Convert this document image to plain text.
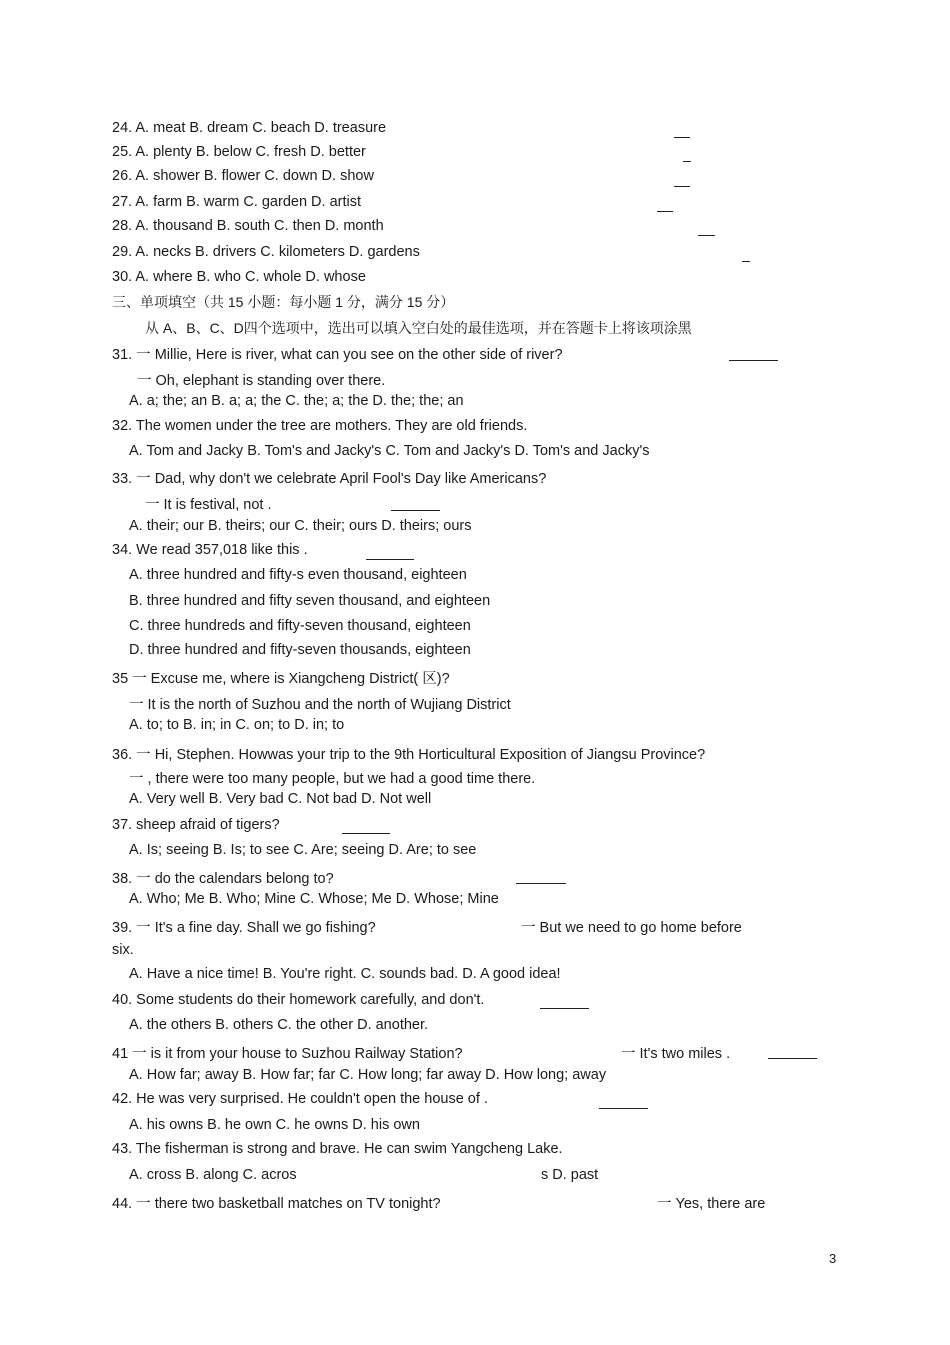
24. A. meat B. dream C. beach D. treasure
25. A. plenty B. below C. fresh D. better
26. A. shower B. flower C. down D. show
27. A. farm B. warm C. garden D. artist
28. A. thousand B. south C. then D. month
29. A. necks B. drivers C. kilometers D. gardens
30. A. where B. who C. whole D. whose
三、单项填空（共 15 小题：每小题 1 分，满分 15 分）
从 A、B、C、D四个选项中，选出可以填入空白处的最佳选项，并在答题卡上将该项涂黑
31. 一 Millie, Here is river, what can you see on the other side of river?
一 Oh, elephant is standing over there.
A. a; the; an B. a; a; the C. the; a; the D. the; the; an
32. The women under the tree are mothers. They are old friends.
A. Tom and Jacky B. Tom's and Jacky's C. Tom and Jacky's D. Tom's and Jacky's
33. 一 Dad, why don't we celebrate April Fool's Day like Americans?
一 It is festival, not .
A. their; our B. theirs; our C. their; ours D. theirs; ours
34. We read 357,018 like this .
A. three hundred and fifty-s even thousand, eighteen
B. three hundred and fifty seven thousand, and eighteen
C. three hundreds and fifty-seven thousand, eighteen
D. three hundred and fifty-seven thousands, eighteen
35 一 Excuse me, where is Xiangcheng District( 区)?
一 It is the north of Suzhou and the north of Wujiang District
A. to; to B. in; in C. on; to D. in; to
36. 一 Hi, Stephen. Howwas your trip to the 9th Horticultural Exposition of Jiangsu Province?
一 , there were too many people, but we had a good time there.
A. Very well B. Very bad C. Not bad D. Not well
37. sheep afraid of tigers?
A. Is; seeing B. Is; to see C. Are; seeing D. Are; to see
38. 一 do the calendars belong to?
A. Who; Me B. Who; Mine C. Whose; Me D. Whose; Mine
39. 一 It's a fine day. Shall we go fishing?	一 But we need to go home before
six.
A. Have a nice time! B. You're right. C. sounds bad. D. A good idea!
40. Some students do their homework carefully, and don't.
A. the others B. others C. the other D. another.
41 一 is it from your house to Suzhou Railway Station?	一 It's two miles .
A. How far; away B. How far; far C. How long; far away D. How long; away
42. He was very surprised. He couldn't open the house of .
A. his owns B. he own C. he owns D. his own
43. The fisherman is strong and brave. He can swim Yangcheng Lake.
A. cross B. along C. acros	s D. past
44. 一 there two basketball matches on TV tonight?	一 Yes, there are
3
